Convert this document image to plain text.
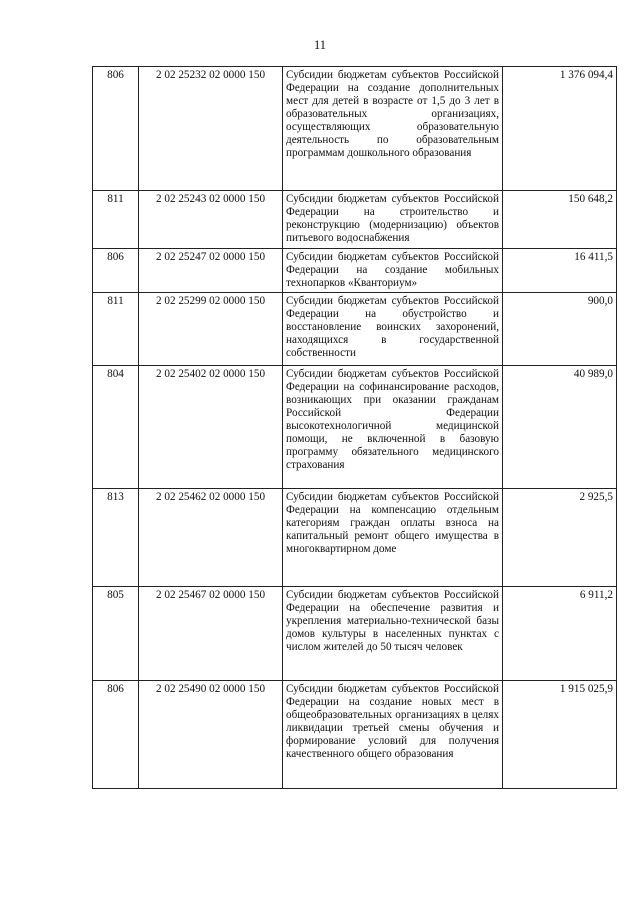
11
806	2 02 25232 02 0000 150	Субсидии бюджетам субъектов Российской Федерации на создание дополнительных мест для детей в возрасте от 1,5 до 3 лет в образовательных организациях, осуществляющих образовательную деятельность по образовательным программам дошкольного образования	1 376 094,4
811	2 02 25243 02 0000 150	Субсидии бюджетам субъектов Российской Федерации на строительство и реконструкцию (модернизацию) объектов питьевого водоснабжения	150 648,2
806	2 02 25247 02 0000 150	Субсидии бюджетам субъектов Российской Федерации на создание мобильных технопарков «Кванториум»	16 411,5
811	2 02 25299 02 0000 150	Субсидии бюджетам субъектов Российской Федерации на обустройство и восстановление воинских захоронений, находящихся в государственной собственности	900,0
804	2 02 25402 02 0000 150	Субсидии бюджетам субъектов Российской Федерации на софинансирование расходов, возникающих при оказании гражданам Российской Федерации высокотехнологичной медицинской помощи, не включенной в базовую программу обязательного медицинского страхования	40 989,0
813	2 02 25462 02 0000 150	Субсидии бюджетам субъектов Российской Федерации на компенсацию отдельным категориям граждан оплаты взноса на капитальный ремонт общего имущества в многоквартирном доме	2 925,5
805	2 02 25467 02 0000 150	Субсидии бюджетам субъектов Российской Федерации на обеспечение развития и укрепления материально-технической базы домов культуры в населенных пунктах с числом жителей до 50 тысяч человек	6 911,2
806	2 02 25490 02 0000 150	Субсидии бюджетам субъектов Российской Федерации на создание новых мест в общеобразовательных организациях в целях ликвидации третьей смены обучения и формирование условий для получения качественного общего образования	1 915 025,9
